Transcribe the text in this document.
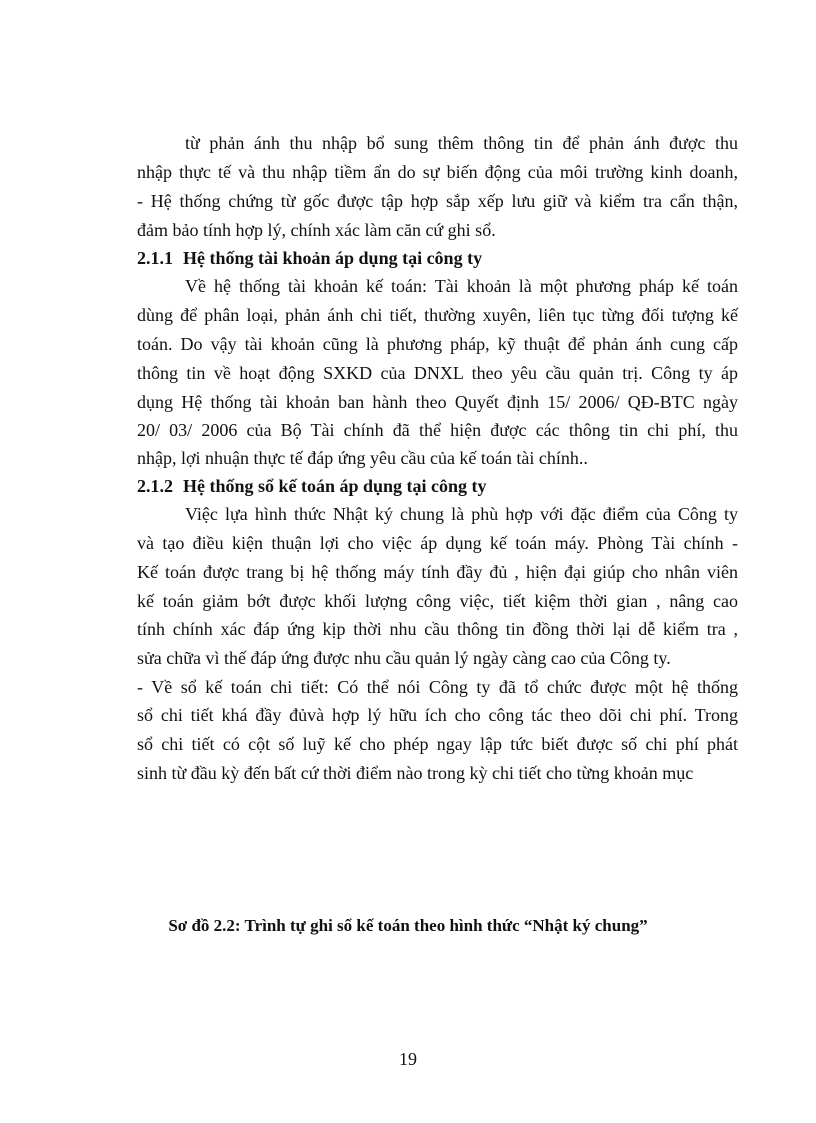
từ phản ánh thu nhập bổ sung thêm thông tin để phản ánh được thu
nhập thực tế và thu nhập tiềm ẩn do sự biến động của môi trường kinh doanh,
- Hệ thống chứng từ gốc được tập hợp sắp xếp lưu giữ và kiểm tra cẩn thận,
đảm bảo tính hợp lý, chính xác làm căn cứ ghi sổ.
2.1.1 Hệ thống tài khoản áp dụng tại công ty
Về hệ thống tài khoản kế toán: Tài khoản là một phương pháp kế toán
dùng để phân loại, phản ánh chi tiết, thường xuyên, liên tục từng đối tượng kế
toán. Do vậy tài khoản cũng là phương pháp, kỹ thuật để phản ánh cung cấp
thông tin về hoạt động SXKD của DNXL theo yêu cầu quản trị. Công ty áp
dụng Hệ thống tài khoản ban hành theo Quyết định 15/ 2006/ QĐ-BTC ngày
20/ 03/ 2006 của Bộ Tài chính đã thể hiện được các thông tin chi phí, thu
nhập, lợi nhuận thực tế đáp ứng yêu cầu của kế toán tài chính..
2.1.2 Hệ thống sổ kế toán áp dụng tại công ty
Việc lựa hình thức Nhật ký chung là phù hợp với đặc điểm của Công ty
và tạo điều kiện thuận lợi cho việc áp dụng kế toán máy. Phòng Tài chính -
Kế toán được trang bị hệ thống máy tính đầy đủ , hiện đại giúp cho nhân viên
kế toán giảm bớt được khối lượng công việc, tiết kiệm thời gian , nâng cao
tính chính xác đáp ứng kịp thời nhu cầu thông tin đồng thời lại dễ kiểm tra ,
sửa chữa vì thế đáp ứng được nhu cầu quản lý ngày càng cao của Công ty.
- Về sổ kế toán chi tiết: Có thể nói Công ty đã tổ chức được một hệ thống
sổ chi tiết khá đầy đủvà hợp lý hữu ích cho công tác theo dõi chi phí. Trong
sổ chi tiết có cột số luỹ kế cho phép ngay lập tức biết được số chi phí phát
sinh từ đầu kỳ đến bất cứ thời điểm nào trong kỳ chi tiết cho từng khoản mục
Sơ đồ 2.2: Trình tự ghi sổ kế toán theo hình thức “Nhật ký chung”
19
